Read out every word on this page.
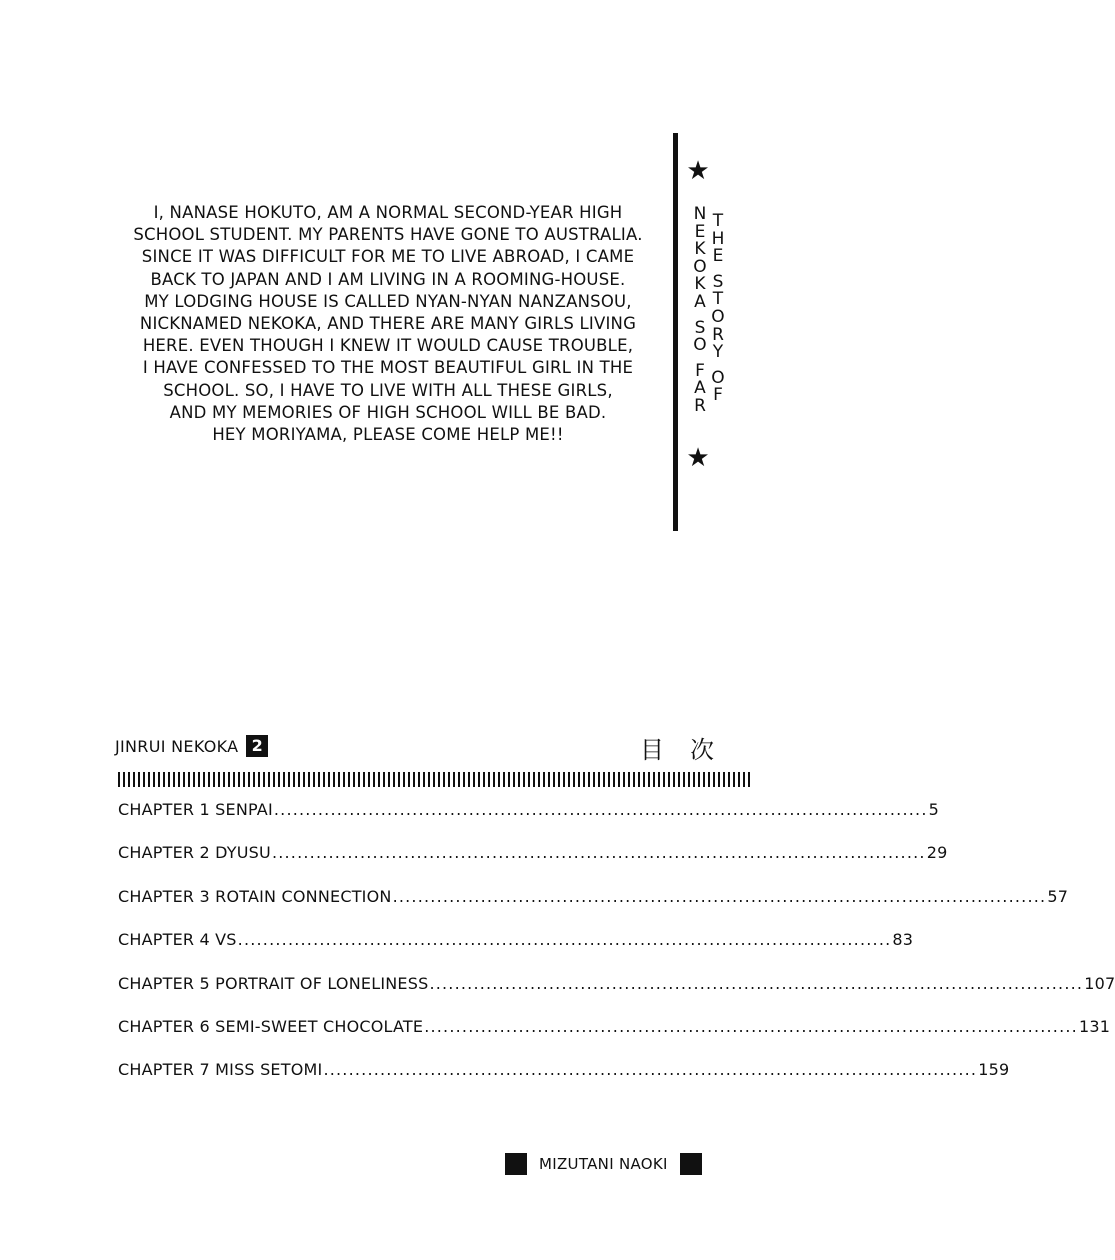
I, NANASE HOKUTO, AM A NORMAL SECOND-YEAR HIGH
SCHOOL STUDENT. MY PARENTS HAVE GONE TO AUSTRALIA.
SINCE IT WAS DIFFICULT FOR ME TO LIVE ABROAD, I CAME
BACK TO JAPAN AND I AM LIVING IN A ROOMING-HOUSE.
MY LODGING HOUSE IS CALLED NYAN-NYAN NANZANSOU,
NICKNAMED NEKOKA, AND THERE ARE MANY GIRLS LIVING
HERE. EVEN THOUGH I KNEW IT WOULD CAUSE TROUBLE,
I HAVE CONFESSED TO THE MOST BEAUTIFUL GIRL IN THE
SCHOOL. SO, I HAVE TO LIVE WITH ALL THESE GIRLS,
AND MY MEMORIES OF HIGH SCHOOL WILL BE BAD.
HEY MORIYAMA, PLEASE COME HELP ME!!
★
★
N
E
K
O
K
A
S
O
F
A
R
T
H
E
S
T
O
R
Y
O
F
JINRUI NEKOKA 2	目次
CHAPTER 1 SENPAI ........................................................................................................ 5
CHAPTER 2 DYUSU ........................................................................................................ 29
CHAPTER 3 ROTAIN CONNECTION ........................................................................................................ 57
CHAPTER 4 VS ........................................................................................................ 83
CHAPTER 5 PORTRAIT OF LONELINESS ........................................................................................................ 107
CHAPTER 6 SEMI-SWEET CHOCOLATE ........................................................................................................ 131
CHAPTER 7 MISS SETOMI ........................................................................................................ 159
MIZUTANI NAOKI
